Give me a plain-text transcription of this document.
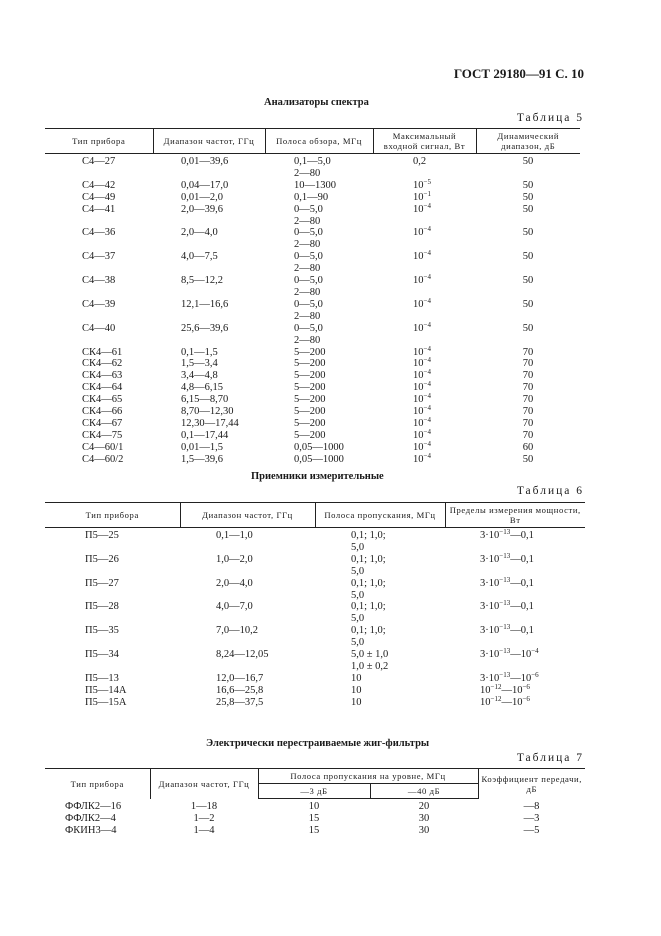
ГОСТ 29180—91 С. 10
Анализаторы спектра
Таблица 5
Тип прибора	Диапазон частот, ГГц	Полоса обзора, МГц	Максимальный входной сигнал, Вт	Динамический диапазон, дБ
С4—27	0,01—39,6	0,1—5,0	0,2	50
		2—80		
С4—42	0,04—17,0	10—1300	$10^{-5}$	50
С4—49	0,01—2,0	0,1—90	$10^{-1}$	50
С4—41	2,0—39,6	0—5,0	$10^{-4}$	50
		2—80		
С4—36	2,0—4,0	0—5,0	$10^{-4}$	50
		2—80		
С4—37	4,0—7,5	0—5,0	$10^{-4}$	50
		2—80		
С4—38	8,5—12,2	0—5,0	$10^{-4}$	50
		2—80		
С4—39	12,1—16,6	0—5,0	$10^{-4}$	50
		2—80		
С4—40	25,6—39,6	0—5,0	$10^{-4}$	50
		2—80		
СК4—61	0,1—1,5	5—200	$10^{-4}$	70
СК4—62	1,5—3,4	5—200	$10^{-4}$	70
СК4—63	3,4—4,8	5—200	$10^{-4}$	70
СК4—64	4,8—6,15	5—200	$10^{-4}$	70
СК4—65	6,15—8,70	5—200	$10^{-4}$	70
СК4—66	8,70—12,30	5—200	$10^{-4}$	70
СК4—67	12,30—17,44	5—200	$10^{-4}$	70
СК4—75	0,1—17,44	5—200	$10^{-4}$	70
С4—60/1	0,01—1,5	0,05—1000	$10^{-4}$	60
С4—60/2	1,5—39,6	0,05—1000	$10^{-4}$	50
Приемники измерительные
Таблица 6
Тип прибора	Диапазон частот, ГГц	Полоса пропускания, МГц	Пределы измерения мощности, Вт
П5—25	0,1—1,0	0,1; 1,0;	$3\cdot 10^{-13}—0,1$
		5,0	
П5—26	1,0—2,0	0,1; 1,0;	$3\cdot 10^{-13}—0,1$
		5,0	
П5—27	2,0—4,0	0,1; 1,0;	$3\cdot 10^{-13}—0,1$
		5,0	
П5—28	4,0—7,0	0,1; 1,0;	$3\cdot 10^{-13}—0,1$
		5,0	
П5—35	7,0—10,2	0,1; 1,0;	$3\cdot 10^{-13}—0,1$
		5,0	
П5—34	8,24—12,05	5,0 ± 1,0	$3\cdot 10^{-13}—10^{-4}$
		1,0 ± 0,2	
П5—13	12,0—16,7	10	$3\cdot 10^{-13}—10^{-6}$

П5—14А	16,6—25,8	10	$10^{-12}—10^{-6}$
П5—15А	25,8—37,5	10	$10^{-12}—10^{-6}$
Электрически перестраиваемые жиг-фильтры
Таблица 7
Тип прибора	Диапазон частот, ГГц	Полоса пропускания на уровне, МГц		Коэффициент передачи, дБ
		—3 дБ	—40 дБ	
ФФЛК2—16	1—18	10	20	—8
ФФЛК2—4	1—2	15	30	—3
ФКИН3—4	1—4	15	30	—5
